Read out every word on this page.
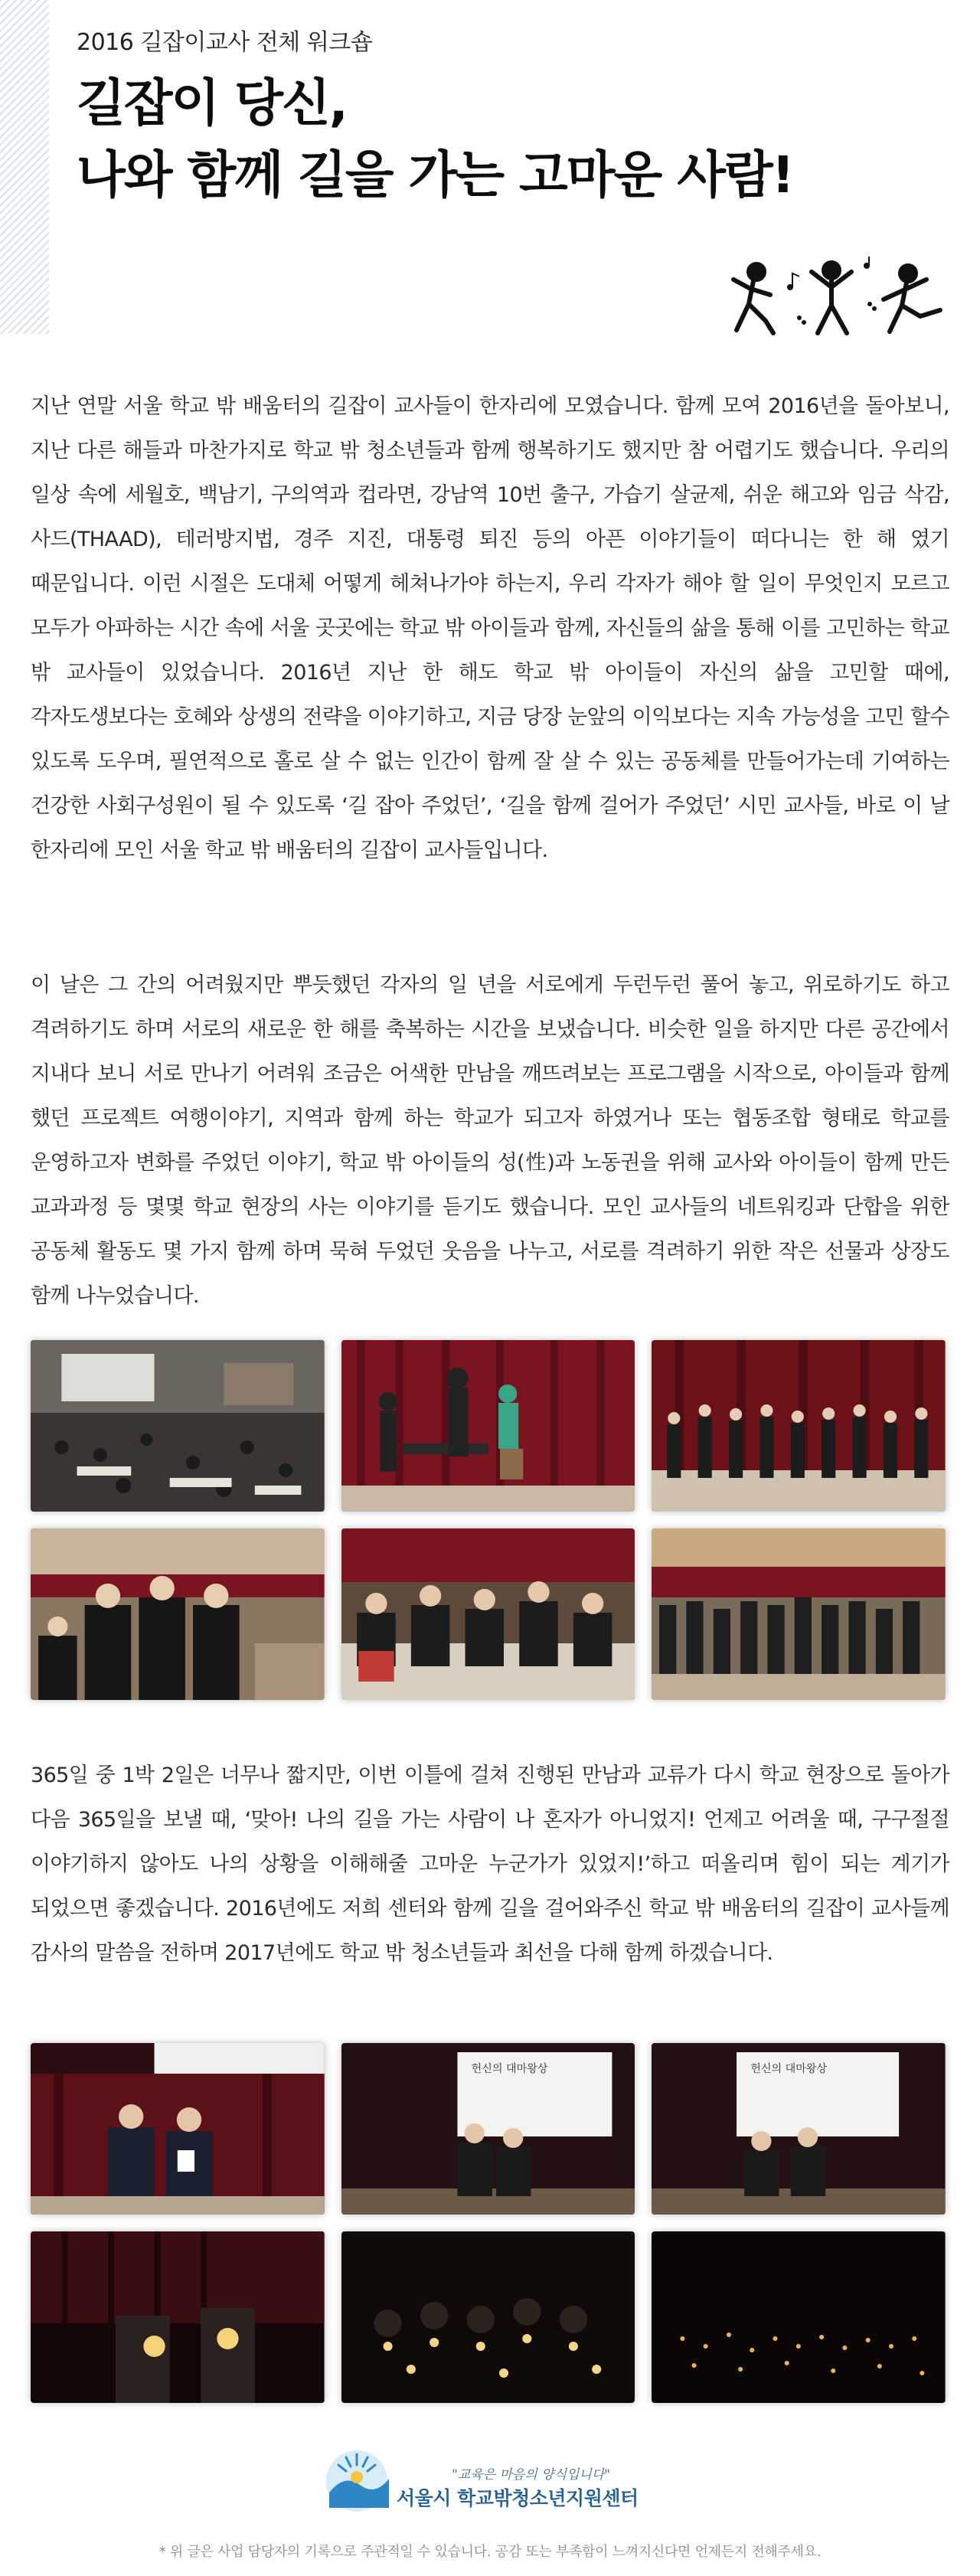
2016 길잡이교사 전체 워크숍
길잡이 당신,
나와 함께 길을 가는 고마운 사람!

지난 연말 서울 학교 밖 배움터의 길잡이 교사들이 한자리에 모였습니다. 함께 모여 2016년을 돌아보니, 지난 다른 해들과 마찬가지로 학교 밖 청소년들과 함께 행복하기도 했지만 참 어렵기도 했습니다. 우리의 일상 속에 세월호, 백남기, 구의역과 컵라면, 강남역 10번 출구, 가습기 살균제, 쉬운 해고와 임금 삭감, 사드(THAAD), 테러방지법, 경주 지진, 대통령 퇴진 등의 아픈 이야기들이 떠다니는 한 해 였기 때문입니다. 이런 시절은 도대체 어떻게 헤쳐나가야 하는지, 우리 각자가 해야 할 일이 무엇인지 모르고 모두가 아파하는 시간 속에 서울 곳곳에는 학교 밖 아이들과 함께, 자신들의 삶을 통해 이를 고민하는 학교 밖 교사들이 있었습니다. 2016년 지난 한 해도 학교 밖 아이들이 자신의 삶을 고민할 때에, 각자도생보다는 호혜와 상생의 전략을 이야기하고, 지금 당장 눈앞의 이익보다는 지속 가능성을 고민 할수 있도록 도우며, 필연적으로 홀로 살 수 없는 인간이 함께 잘 살 수 있는 공동체를 만들어가는데 기여하는 건강한 사회구성원이 될 수 있도록 ‘길 잡아 주었던’, ‘길을 함께 걸어가 주었던’ 시민 교사들, 바로 이 날 한자리에 모인 서울 학교 밖 배움터의 길잡이 교사들입니다.

이 날은 그 간의 어려웠지만 뿌듯했던 각자의 일 년을 서로에게 두런두런 풀어 놓고, 위로하기도 하고 격려하기도 하며 서로의 새로운 한 해를 축복하는 시간을 보냈습니다. 비슷한 일을 하지만 다른 공간에서 지내다 보니 서로 만나기 어려워 조금은 어색한 만남을 깨뜨려보는 프로그램을 시작으로, 아이들과 함께 했던 프로젝트 여행이야기, 지역과 함께 하는 학교가 되고자 하였거나 또는 협동조합 형태로 학교를 운영하고자 변화를 주었던 이야기, 학교 밖 아이들의 성(性)과 노동권을 위해 교사와 아이들이 함께 만든 교과과정 등 몇몇 학교 현장의 사는 이야기를 듣기도 했습니다. 모인 교사들의 네트워킹과 단합을 위한 공동체 활동도 몇 가지 함께 하며 묵혀 두었던 웃음을 나누고, 서로를 격려하기 위한 작은 선물과 상장도 함께 나누었습니다.

365일 중 1박 2일은 너무나 짧지만, 이번 이틀에 걸쳐 진행된 만남과 교류가 다시 학교 현장으로 돌아가 다음 365일을 보낼 때, ‘맞아! 나의 길을 가는 사람이 나 혼자가 아니었지! 언제고 어려울 때, 구구절절 이야기하지 않아도 나의 상황을 이해해줄 고마운 누군가가 있었지!’하고 떠올리며 힘이 되는 계기가 되었으면 좋겠습니다. 2016년에도 저희 센터와 함께 길을 걸어와주신 학교 밖 배움터의 길잡이 교사들께 감사의 말씀을 전하며 2017년에도 학교 밖 청소년들과 최선을 다해 함께 하겠습니다.

헌신의 대마왕상	헌신의 대마왕상
"교육은 마음의 양식입니다"
서울시 학교밖청소년지원센터
* 위 글은 사업 담당자의 기록으로 주관적일 수 있습니다. 공감 또는 부족함이 느껴지신다면 언제든지 전해주세요.
